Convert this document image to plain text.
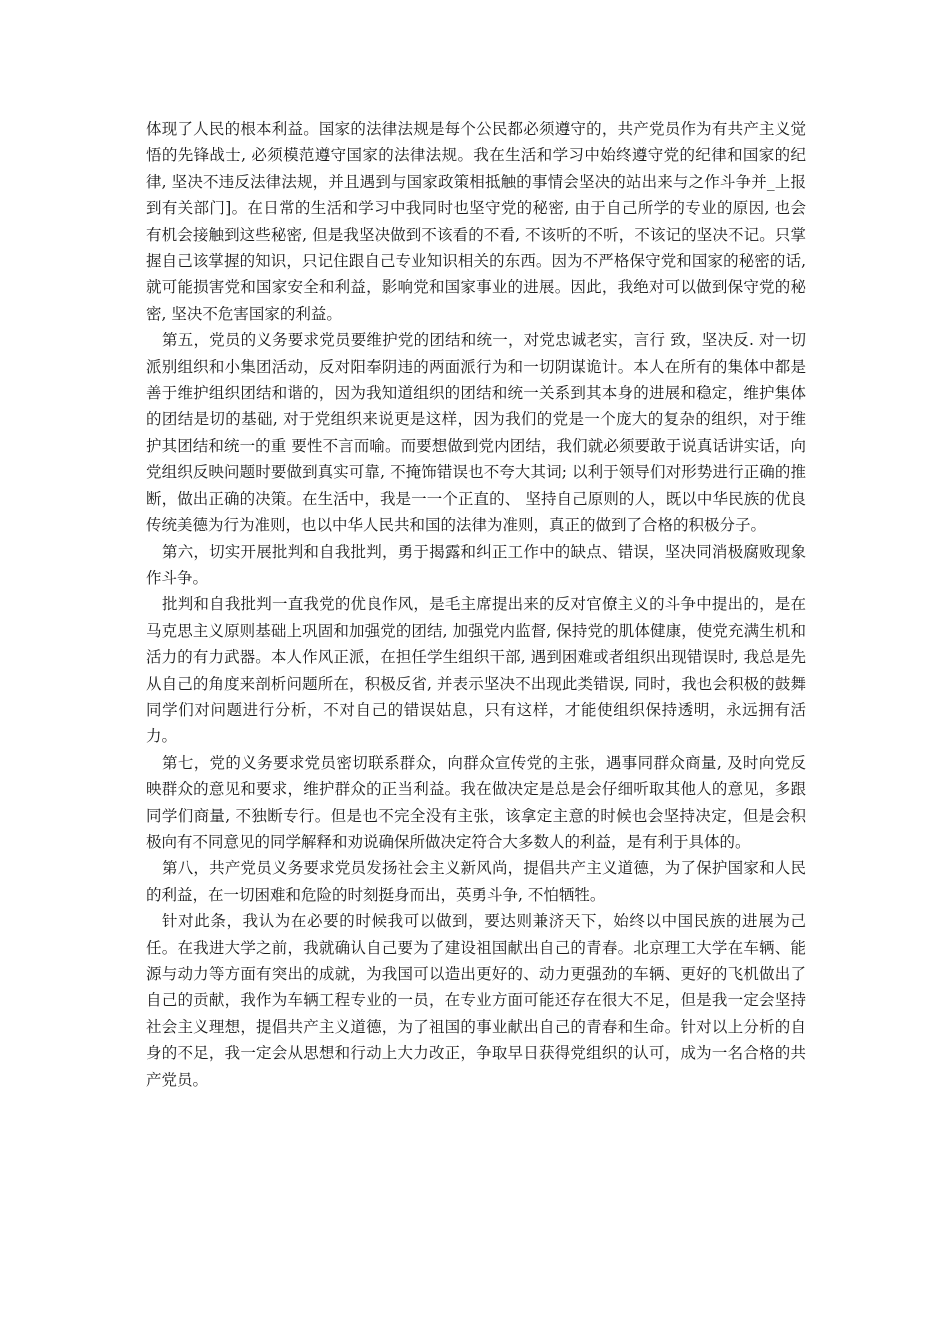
体现了人民的根本利益。国家的法律法规是每个公民都必须遵守的，共产党员作为有共产主义觉悟的先锋战士, 必须模范遵守国家的法律法规。我在生活和学习中始终遵守党的纪律和国家的纪律, 坚决不违反法律法规，并且遇到与国家政策相抵触的事情会坚决的站出来与之作斗争并_上报到有关部门]。在日常的生活和学习中我同时也坚守党的秘密, 由于自己所学的专业的原因, 也会有机会接触到这些秘密, 但是我坚决做到不该看的不看, 不该听的不听，不该记的坚决不记。只掌握自己该掌握的知识，只记住跟自己专业知识相关的东西。因为不严格保守党和国家的秘密的话, 就可能损害党和国家安全和利益，影响党和国家事业的进展。因此，我绝对可以做到保守党的秘密, 坚决不危害国家的利益。

第五，党员的义务要求党员要维护党的团结和统一，对党忠诚老实，言行 致，坚决反. 对一切派别组织和小集团活动，反对阳奉阴违的两面派行为和一切阴谋诡计。本人在所有的集体中都是善于维护组织团结和谐的，因为我知道组织的团结和统一关系到其本身的进展和稳定，维护集体的团结是切的基础, 对于党组织来说更是这样，因为我们的党是一个庞大的复杂的组织，对于维护其团结和统一的重 要性不言而喻。而要想做到党内团结，我们就必须要敢于说真话讲实话，向党组织反映问题时要做到真实可靠, 不掩饰错误也不夸大其词; 以利于领导们对形势进行正确的推断，做出正确的决策。在生活中，我是一一个正直的、 坚持自己原则的人，既以中华民族的优良传统美德为行为准则，也以中华人民共和国的法律为准则，真正的做到了合格的积极分子。

第六，切实开展批判和自我批判，勇于揭露和纠正工作中的缺点、错误，坚决同消极腐败现象作斗争。

批判和自我批判一直我党的优良作风，是毛主席提出来的反对官僚主义的斗争中提出的，是在马克思主义原则基础上巩固和加强党的团结, 加强党内监督, 保持党的肌体健康，使党充满生机和活力的有力武器。本人作风正派，在担任学生组织干部, 遇到困难或者组织出现错误时, 我总是先从自己的角度来剖析问题所在，积极反省, 并表示坚决不出现此类错误, 同时，我也会积极的鼓舞同学们对问题进行分析，不对自己的错误姑息，只有这样，才能使组织保持透明，永远拥有活力。

第七，党的义务要求党员密切联系群众，向群众宣传党的主张，遇事同群众商量, 及时向党反映群众的意见和要求，维护群众的正当利益。我在做决定是总是会仔细听取其他人的意见，多跟同学们商量, 不独断专行。但是也不完全没有主张，该拿定主意的时候也会坚持决定，但是会积极向有不同意见的同学解释和劝说确保所做决定符合大多数人的利益，是有利于具体的。

第八，共产党员义务要求党员发扬社会主义新风尚，提倡共产主义道德，为了保护国家和人民的利益，在一切困难和危险的时刻挺身而出，英勇斗争, 不怕牺牲。

针对此条，我认为在必要的时候我可以做到，要达则兼济天下，始终以中国民族的进展为己任。在我进大学之前，我就确认自己要为了建设祖国献出自己的青春。北京理工大学在车辆、能源与动力等方面有突出的成就，为我国可以造出更好的、动力更强劲的车辆、更好的飞机做出了自己的贡献，我作为车辆工程专业的一员，在专业方面可能还存在很大不足，但是我一定会坚持社会主义理想，提倡共产主义道德，为了祖国的事业献出自己的青春和生命。针对以上分析的自身的不足，我一定会从思想和行动上大力改正，争取早日获得党组织的认可，成为一名合格的共产党员。
